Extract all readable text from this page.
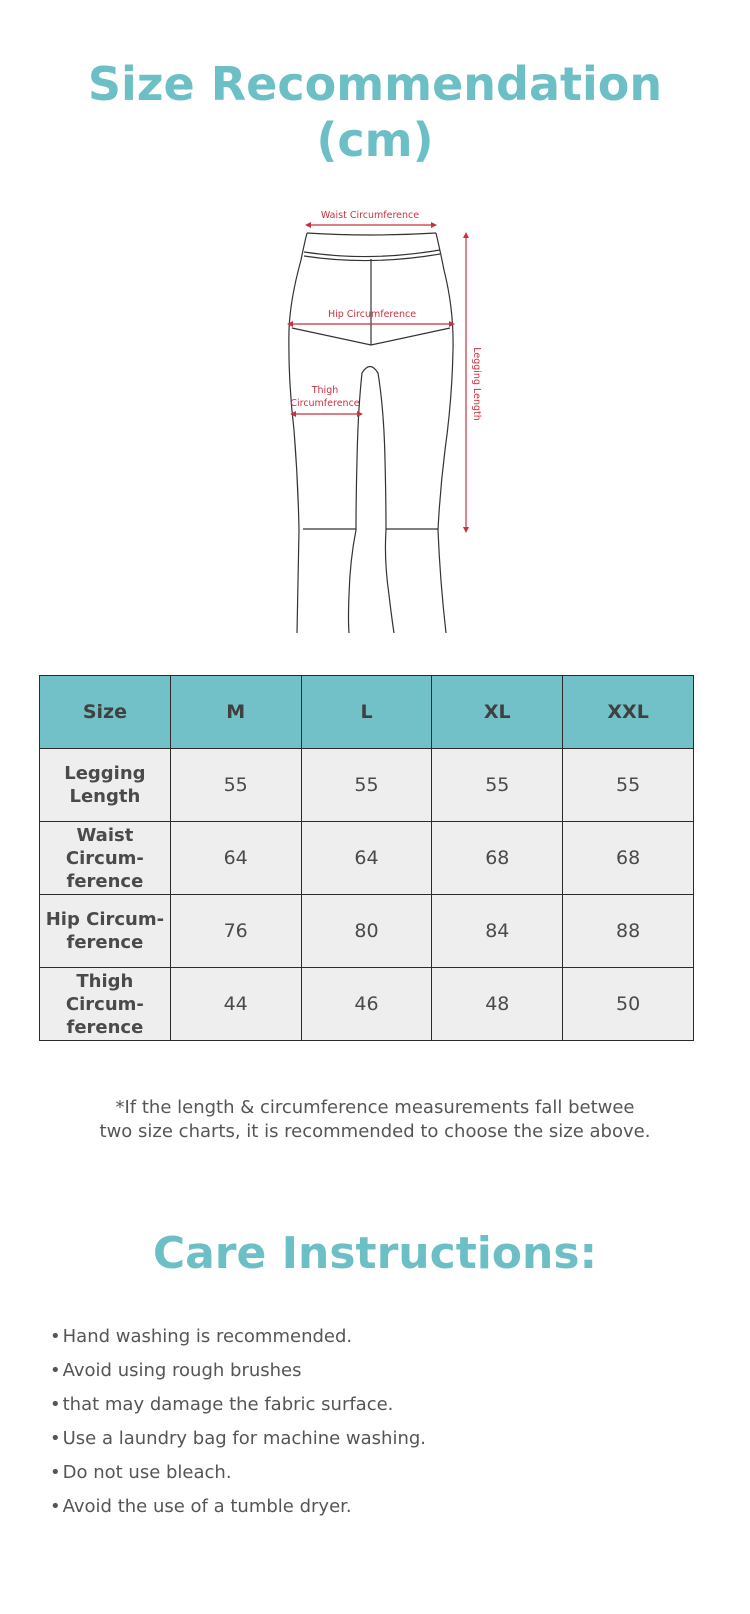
Size Recommendation
(cm)
Waist Circumference
Hip Circumference
Thigh
Circumference	Legging Length
Size	M	L	XL	XXL
Legging
Length	55	55	55	55
Waist
Circum-
ference	64	64	68	68
Hip Circum-
ference	76	80	84	88
Thigh
Circum-
ference	44	46	48	50
*If the length & circumference measurements fall betwee
two size charts, it is recommended to choose the size above.
Care Instructions:
• Hand washing is recommended.
• Avoid using rough brushes
• that may damage the fabric surface.
• Use a laundry bag for machine washing.
• Do not use bleach.
• Avoid the use of a tumble dryer.
